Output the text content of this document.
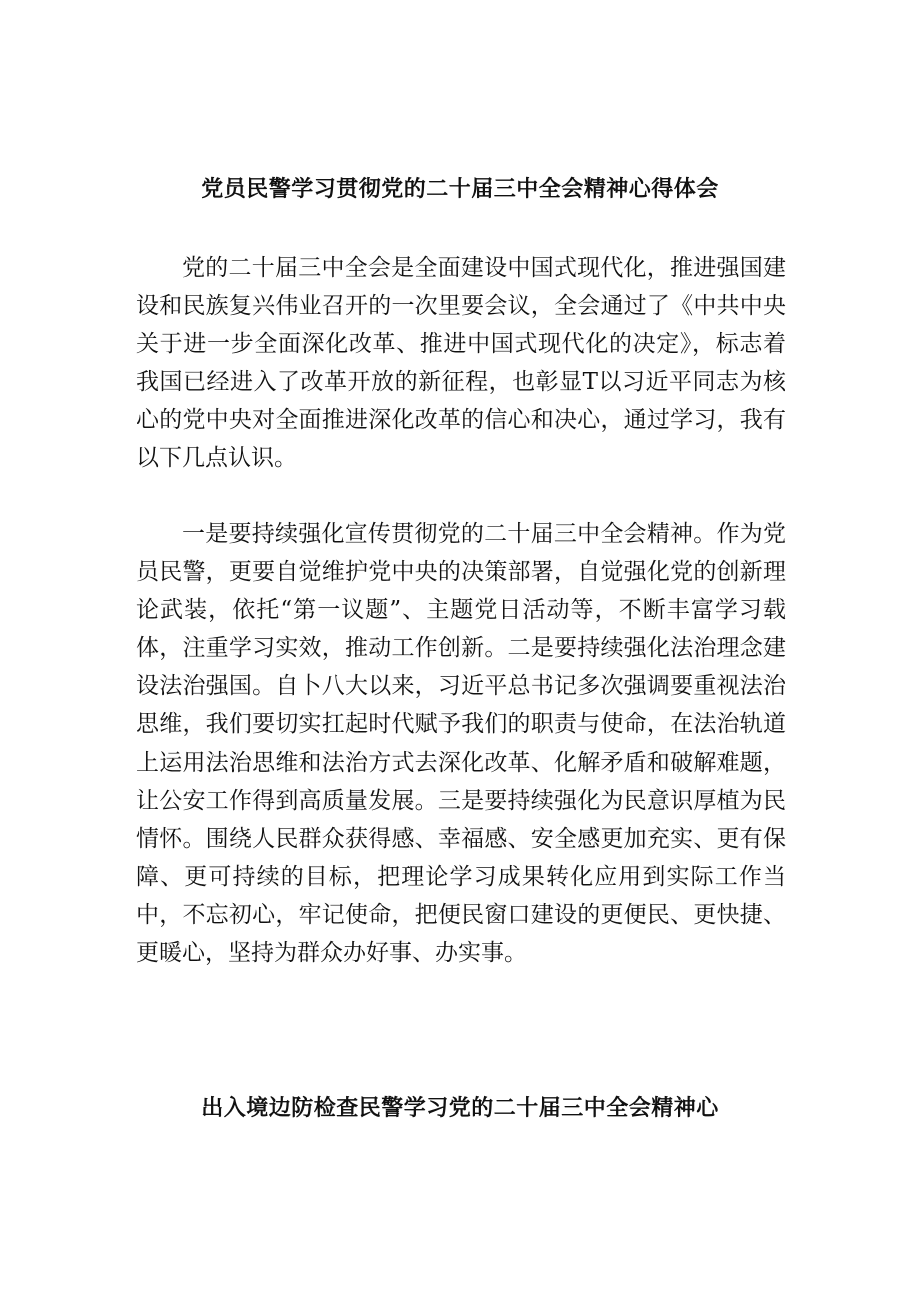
党员民警学习贯彻党的二十届三中全会精神心得体会

党的二十届三中全会是全面建设中国式现代化，推进强国建设和民族复兴伟业召开的一次里要会议，全会通过了《中共中央关于进一步全面深化改革、推进中国式现代化的决定》，标志着我国已经进入了改革开放的新征程，也彰显T以习近平同志为核心的党中央对全面推进深化改革的信心和决心，通过学习，我有以下几点认识。

一是要持续强化宣传贯彻党的二十届三中全会精神。作为党员民警，更要自觉维护党中央的决策部署，自觉强化党的创新理论武装，依托“第一议题”、主题党日活动等，不断丰富学习载体，注重学习实效，推动工作创新。二是要持续强化法治理念建设法治强国。自卜八大以来，习近平总书记多次强调要重视法治思维，我们要切实扛起时代赋予我们的职责与使命，在法治轨道上运用法治思维和法治方式去深化改革、化解矛盾和破解难题，让公安工作得到高质量发展。三是要持续强化为民意识厚植为民情怀。围绕人民群众获得感、幸福感、安全感更加充实、更有保障、更可持续的目标，把理论学习成果转化应用到实际工作当中，不忘初心，牢记使命，把便民窗口建设的更便民、更快捷、更暖心，坚持为群众办好事、办实事。

出入境边防检查民警学习党的二十届三中全会精神心
